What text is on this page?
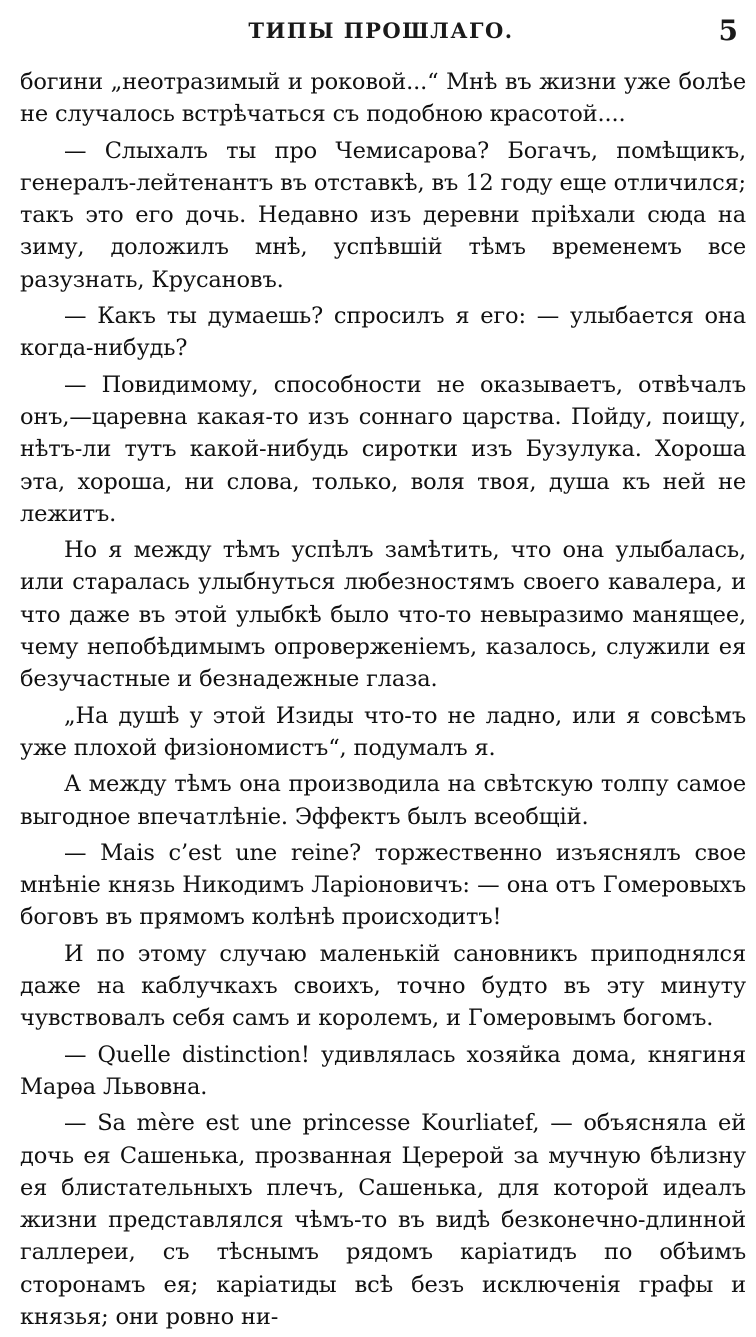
ТИПЫ ПРОШЛАГО.	5

богини „неотразимый и роковой...“ Мнѣ въ жизни уже болѣе не случалось встрѣчаться съ подобною красотой....

— Слыхалъ ты про Чемисарова? Богачъ, помѣщикъ, генералъ-лейтенантъ въ отставкѣ, въ 12 году еще отличился; такъ это его дочь. Недавно изъ деревни пріѣхали сюда на зиму, доложилъ мнѣ, успѣвшій тѣмъ временемъ все разузнать, Крусановъ.

— Какъ ты думаешь? спросилъ я его: — улыбается она когда-нибудь?

— Повидимому, способности не оказываетъ, отвѣчалъ онъ,—царевна какая-то изъ соннаго царства. Пойду, поищу, нѣтъ-ли тутъ какой-нибудь сиротки изъ Бузулука. Хороша эта, хороша, ни слова, только, воля твоя, душа къ ней не лежитъ.

Но я между тѣмъ успѣлъ замѣтить, что она улыбалась, или старалась улыбнуться любезностямъ своего кавалера, и что даже въ этой улыбкѣ было что-то невыразимо манящее, чему непобѣдимымъ опроверженіемъ, казалось, служили ея безучастные и безнадежные глаза.

„На душѣ у этой Изиды что-то не ладно, или я совсѣмъ уже плохой физіономистъ“, подумалъ я.

А между тѣмъ она производила на свѣтскую толпу самое выгодное впечатлѣніе. Эффектъ былъ всеобщій.

— Mais c’est une reine? торжественно изъяснялъ свое мнѣніе князь Никодимъ Ларіоновичъ: — она отъ Гомеровыхъ боговъ въ прямомъ колѣнѣ происходитъ!

И по этому случаю маленькій сановникъ приподнялся даже на каблучкахъ своихъ, точно будто въ эту минуту чувствовалъ себя самъ и королемъ, и Гомеровымъ богомъ.

— Quelle distinction! удивлялась хозяйка дома, княгиня Марѳа Львовна.

— Sa mère est une princesse Kourliatef, — объясняла ей дочь ея Сашенька, прозванная Церерой за мучную бѣлизну ея блистательныхъ плечъ, Сашенька, для которой идеалъ жизни представлялся чѣмъ-то въ видѣ безконечно-длинной галлереи, съ тѣснымъ рядомъ каріатидъ по обѣимъ сторонамъ ея; каріатиды всѣ безъ исключенія графы и князья; они ровно ни-
